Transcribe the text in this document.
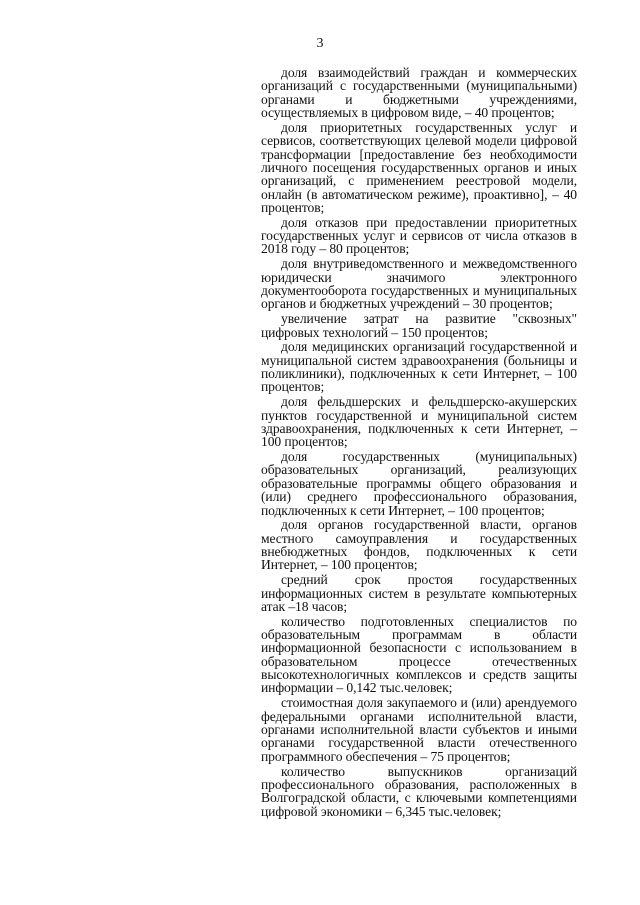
3

доля взаимодействий граждан и коммерческих организаций с государственными (муниципальными) органами и бюджетными учреждениями, осуществляемых в цифровом виде, – 40 процентов;

доля приоритетных государственных услуг и сервисов, соответствующих целевой модели цифровой трансформации [предоставление без необходимости личного посещения государственных органов и иных организаций, с применением реестровой модели, онлайн (в автоматическом режиме), проактивно], – 40 процентов;

доля отказов при предоставлении приоритетных государственных услуг и сервисов от числа отказов в 2018 году – 80 процентов;

доля внутриведомственного и межведомственного юридически значимого электронного документооборота государственных и муниципальных органов и бюджетных учреждений – 30 процентов;

увеличение затрат на развитие "сквозных" цифровых технологий – 150 процентов;

доля медицинских организаций государственной и муниципальной систем здравоохранения (больницы и поликлиники), подключенных к сети Интернет, – 100 процентов;

доля фельдшерских и фельдшерско-акушерских пунктов государственной и муниципальной систем здравоохранения, подключенных к сети Интернет, – 100 процентов;

доля государственных (муниципальных) образовательных организаций, реализующих образовательные программы общего образования и (или) среднего профессионального образования, подключенных к сети Интернет, – 100 процентов;

доля органов государственной власти, органов местного самоуправления и государственных внебюджетных фондов, подключенных к сети Интернет, – 100 процентов;

средний срок простоя государственных информационных систем в результате компьютерных атак –18 часов;

количество подготовленных специалистов по образовательным программам в области информационной безопасности с использованием в образовательном процессе отечественных высокотехнологичных комплексов и средств защиты информации – 0,142 тыс.человек;

стоимостная доля закупаемого и (или) арендуемого федеральными органами исполнительной власти, органами исполнительной власти субъектов и иными органами государственной власти отечественного программного обеспечения – 75 процентов;

количество выпускников организаций профессионального образования, расположенных в Волгоградской области, с ключевыми компетенциями цифровой экономики – 6,345 тыс.человек;
